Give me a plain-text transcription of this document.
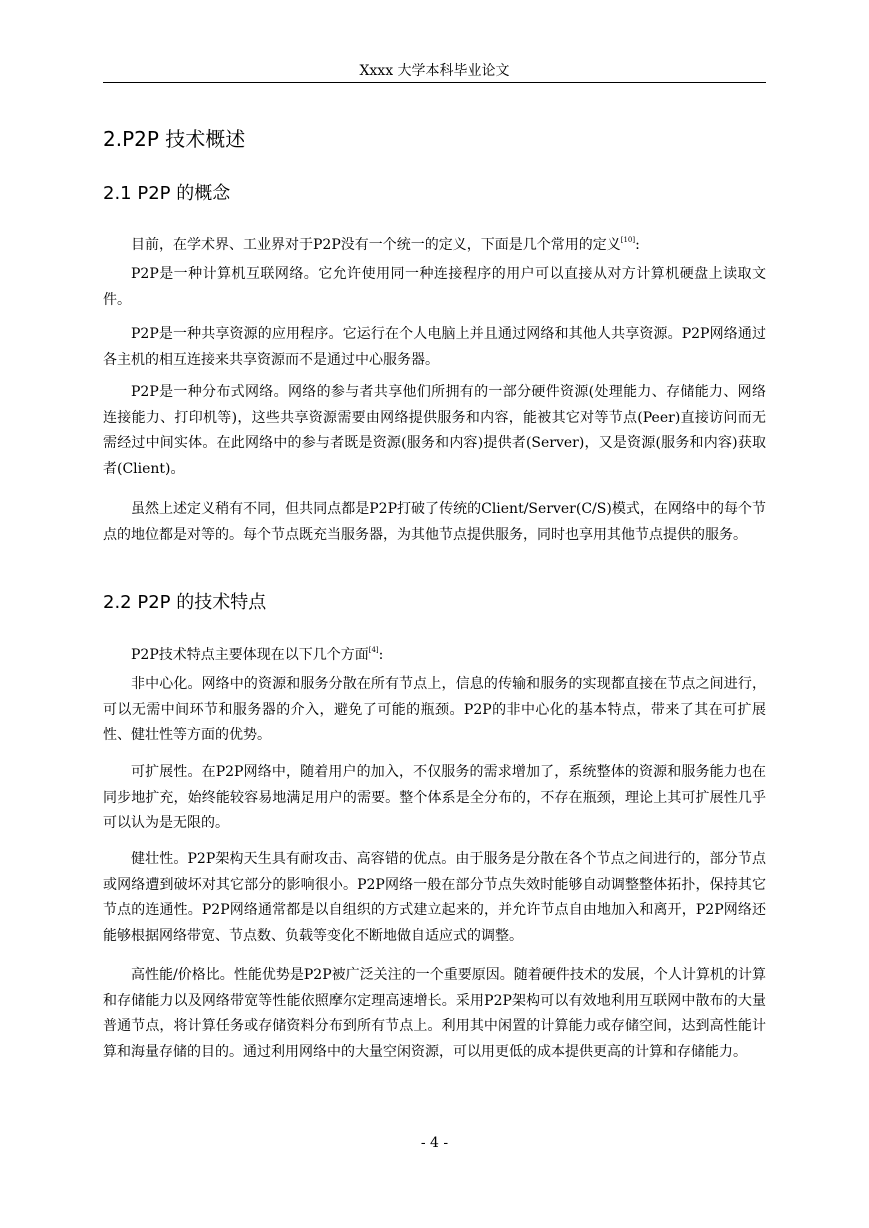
Xxxx 大学本科毕业论文
2.P2P 技术概述
2.1 P2P 的概念

目前，在学术界、工业界对于P2P没有一个统一的定义，下面是几个常用的定义[10]:

P2P是一种计算机互联网络。它允许使用同一种连接程序的用户可以直接从对方计算机硬盘上读取文件。

P2P是一种共享资源的应用程序。它运行在个人电脑上并且通过网络和其他人共享资源。P2P网络通过各主机的相互连接来共享资源而不是通过中心服务器。

P2P是一种分布式网络。网络的参与者共享他们所拥有的一部分硬件资源(处理能力、存储能力、网络连接能力、打印机等)，这些共享资源需要由网络提供服务和内容，能被其它对等节点(Peer)直接访问而无需经过中间实体。在此网络中的参与者既是资源(服务和内容)提供者(Server)，又是资源(服务和内容)获取者(Client)。

虽然上述定义稍有不同，但共同点都是P2P打破了传统的Client/Server(C/S)模式，在网络中的每个节点的地位都是对等的。每个节点既充当服务器，为其他节点提供服务，同时也享用其他节点提供的服务。

2.2 P2P 的技术特点

P2P技术特点主要体现在以下几个方面[4]:

非中心化。网络中的资源和服务分散在所有节点上，信息的传输和服务的实现都直接在节点之间进行，可以无需中间环节和服务器的介入，避免了可能的瓶颈。P2P的非中心化的基本特点，带来了其在可扩展性、健壮性等方面的优势。

可扩展性。在P2P网络中，随着用户的加入，不仅服务的需求增加了，系统整体的资源和服务能力也在同步地扩充，始终能较容易地满足用户的需要。整个体系是全分布的，不存在瓶颈，理论上其可扩展性几乎可以认为是无限的。

健壮性。P2P架构天生具有耐攻击、高容错的优点。由于服务是分散在各个节点之间进行的，部分节点或网络遭到破坏对其它部分的影响很小。P2P网络一般在部分节点失效时能够自动调整整体拓扑，保持其它节点的连通性。P2P网络通常都是以自组织的方式建立起来的，并允许节点自由地加入和离开，P2P网络还能够根据网络带宽、节点数、负载等变化不断地做自适应式的调整。

高性能/价格比。性能优势是P2P被广泛关注的一个重要原因。随着硬件技术的发展，个人计算机的计算和存储能力以及网络带宽等性能依照摩尔定理高速增长。采用P2P架构可以有效地利用互联网中散布的大量普通节点，将计算任务或存储资料分布到所有节点上。利用其中闲置的计算能力或存储空间，达到高性能计算和海量存储的目的。通过利用网络中的大量空闲资源，可以用更低的成本提供更高的计算和存储能力。

- 4 -
